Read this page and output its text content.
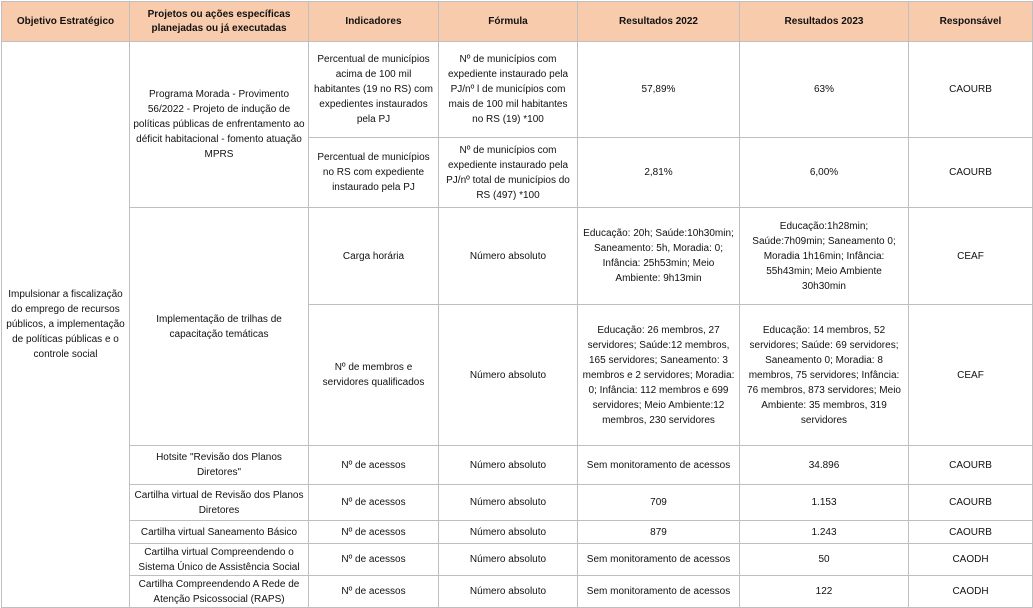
Objetivo Estratégico	Projetos ou ações específicas planejadas ou já executadas	Indicadores	Fórmula	Resultados 2022	Resultados 2023	Responsável
Impulsionar a fiscalização do emprego de recursos públicos, a implementação de políticas públicas e o controle social	Programa Morada - Provimento 56/2022 - Projeto de indução de políticas públicas de enfrentamento ao déficit habitacional - fomento atuação MPRS	Percentual de municípios acima de 100 mil habitantes (19 no RS) com expedientes instaurados pela PJ	Nº de municípios com expediente instaurado pela PJ/nº l de municípios com mais de 100 mil habitantes no RS (19) *100	57,89%	63%	CAOURB
		Percentual de municípios no RS com expediente instaurado pela PJ	Nº de municípios com expediente instaurado pela PJ/nº total de municípios do RS (497) *100	2,81%	6,00%	CAOURB
	Implementação de trilhas de capacitação temáticas	Carga horária	Número absoluto	Educação: 20h; Saúde:10h30min; Saneamento: 5h, Moradia: 0; Infância: 25h53min; Meio Ambiente: 9h13min	Educação:1h28min; Saúde:7h09min; Saneamento 0; Moradia 1h16min; Infância: 55h43min; Meio Ambiente 30h30min	CEAF
		Nº de membros e servidores qualificados	Número absoluto	Educação: 26 membros, 27 servidores; Saúde:12 membros, 165 servidores; Saneamento: 3 membros e 2 servidores; Moradia: 0; Infância: 112 membros e 699 servidores; Meio Ambiente:12 membros, 230 servidores	Educação: 14 membros, 52 servidores; Saúde: 69 servidores; Saneamento 0; Moradia: 8 membros, 75 servidores; Infância: 76 membros, 873 servidores; Meio Ambiente: 35 membros, 319 servidores	CEAF
	Hotsite "Revisão dos Planos Diretores"	Nº de acessos	Número absoluto	Sem monitoramento de acessos	34.896	CAOURB
	Cartilha virtual de Revisão dos Planos Diretores	Nº de acessos	Número absoluto	709	1.153	CAOURB
	Cartilha virtual Saneamento Básico	Nº de acessos	Número absoluto	879	1.243	CAOURB
	Cartilha virtual Compreendendo o Sistema Único de Assistência Social	Nº de acessos	Número absoluto	Sem monitoramento de acessos	50	CAODH
	Cartilha Compreendendo A Rede de Atenção Psicossocial (RAPS)	Nº de acessos	Número absoluto	Sem monitoramento de acessos	122	CAODH
